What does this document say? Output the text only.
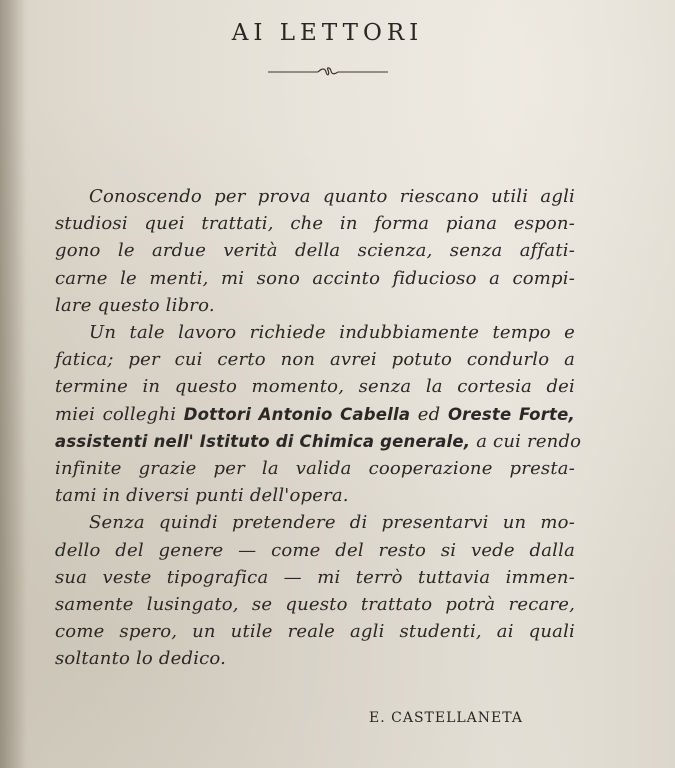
AI LETTORI
Conoscendo per prova quanto riescano utili agli
studiosi quei trattati, che in forma piana espon-
gono le ardue verità della scienza, senza affati-
carne le menti, mi sono accinto fiducioso a compi-
lare questo libro.
Un tale lavoro richiede indubbiamente tempo e
fatica; per cui certo non avrei potuto condurlo a
termine in questo momento, senza la cortesia dei
miei colleghi Dottori Antonio Cabella ed Oreste Forte,
assistenti nell' Istituto di Chimica generale, a cui rendo
infinite grazie per la valida cooperazione presta-
tami in diversi punti dell'opera.
Senza quindi pretendere di presentarvi un mo-
dello del genere — come del resto si vede dalla
sua veste tipografica — mi terrò tuttavia immen-
samente lusingato, se questo trattato potrà recare,
come spero, un utile reale agli studenti, ai quali
soltanto lo dedico.
E. CASTELLANETA
